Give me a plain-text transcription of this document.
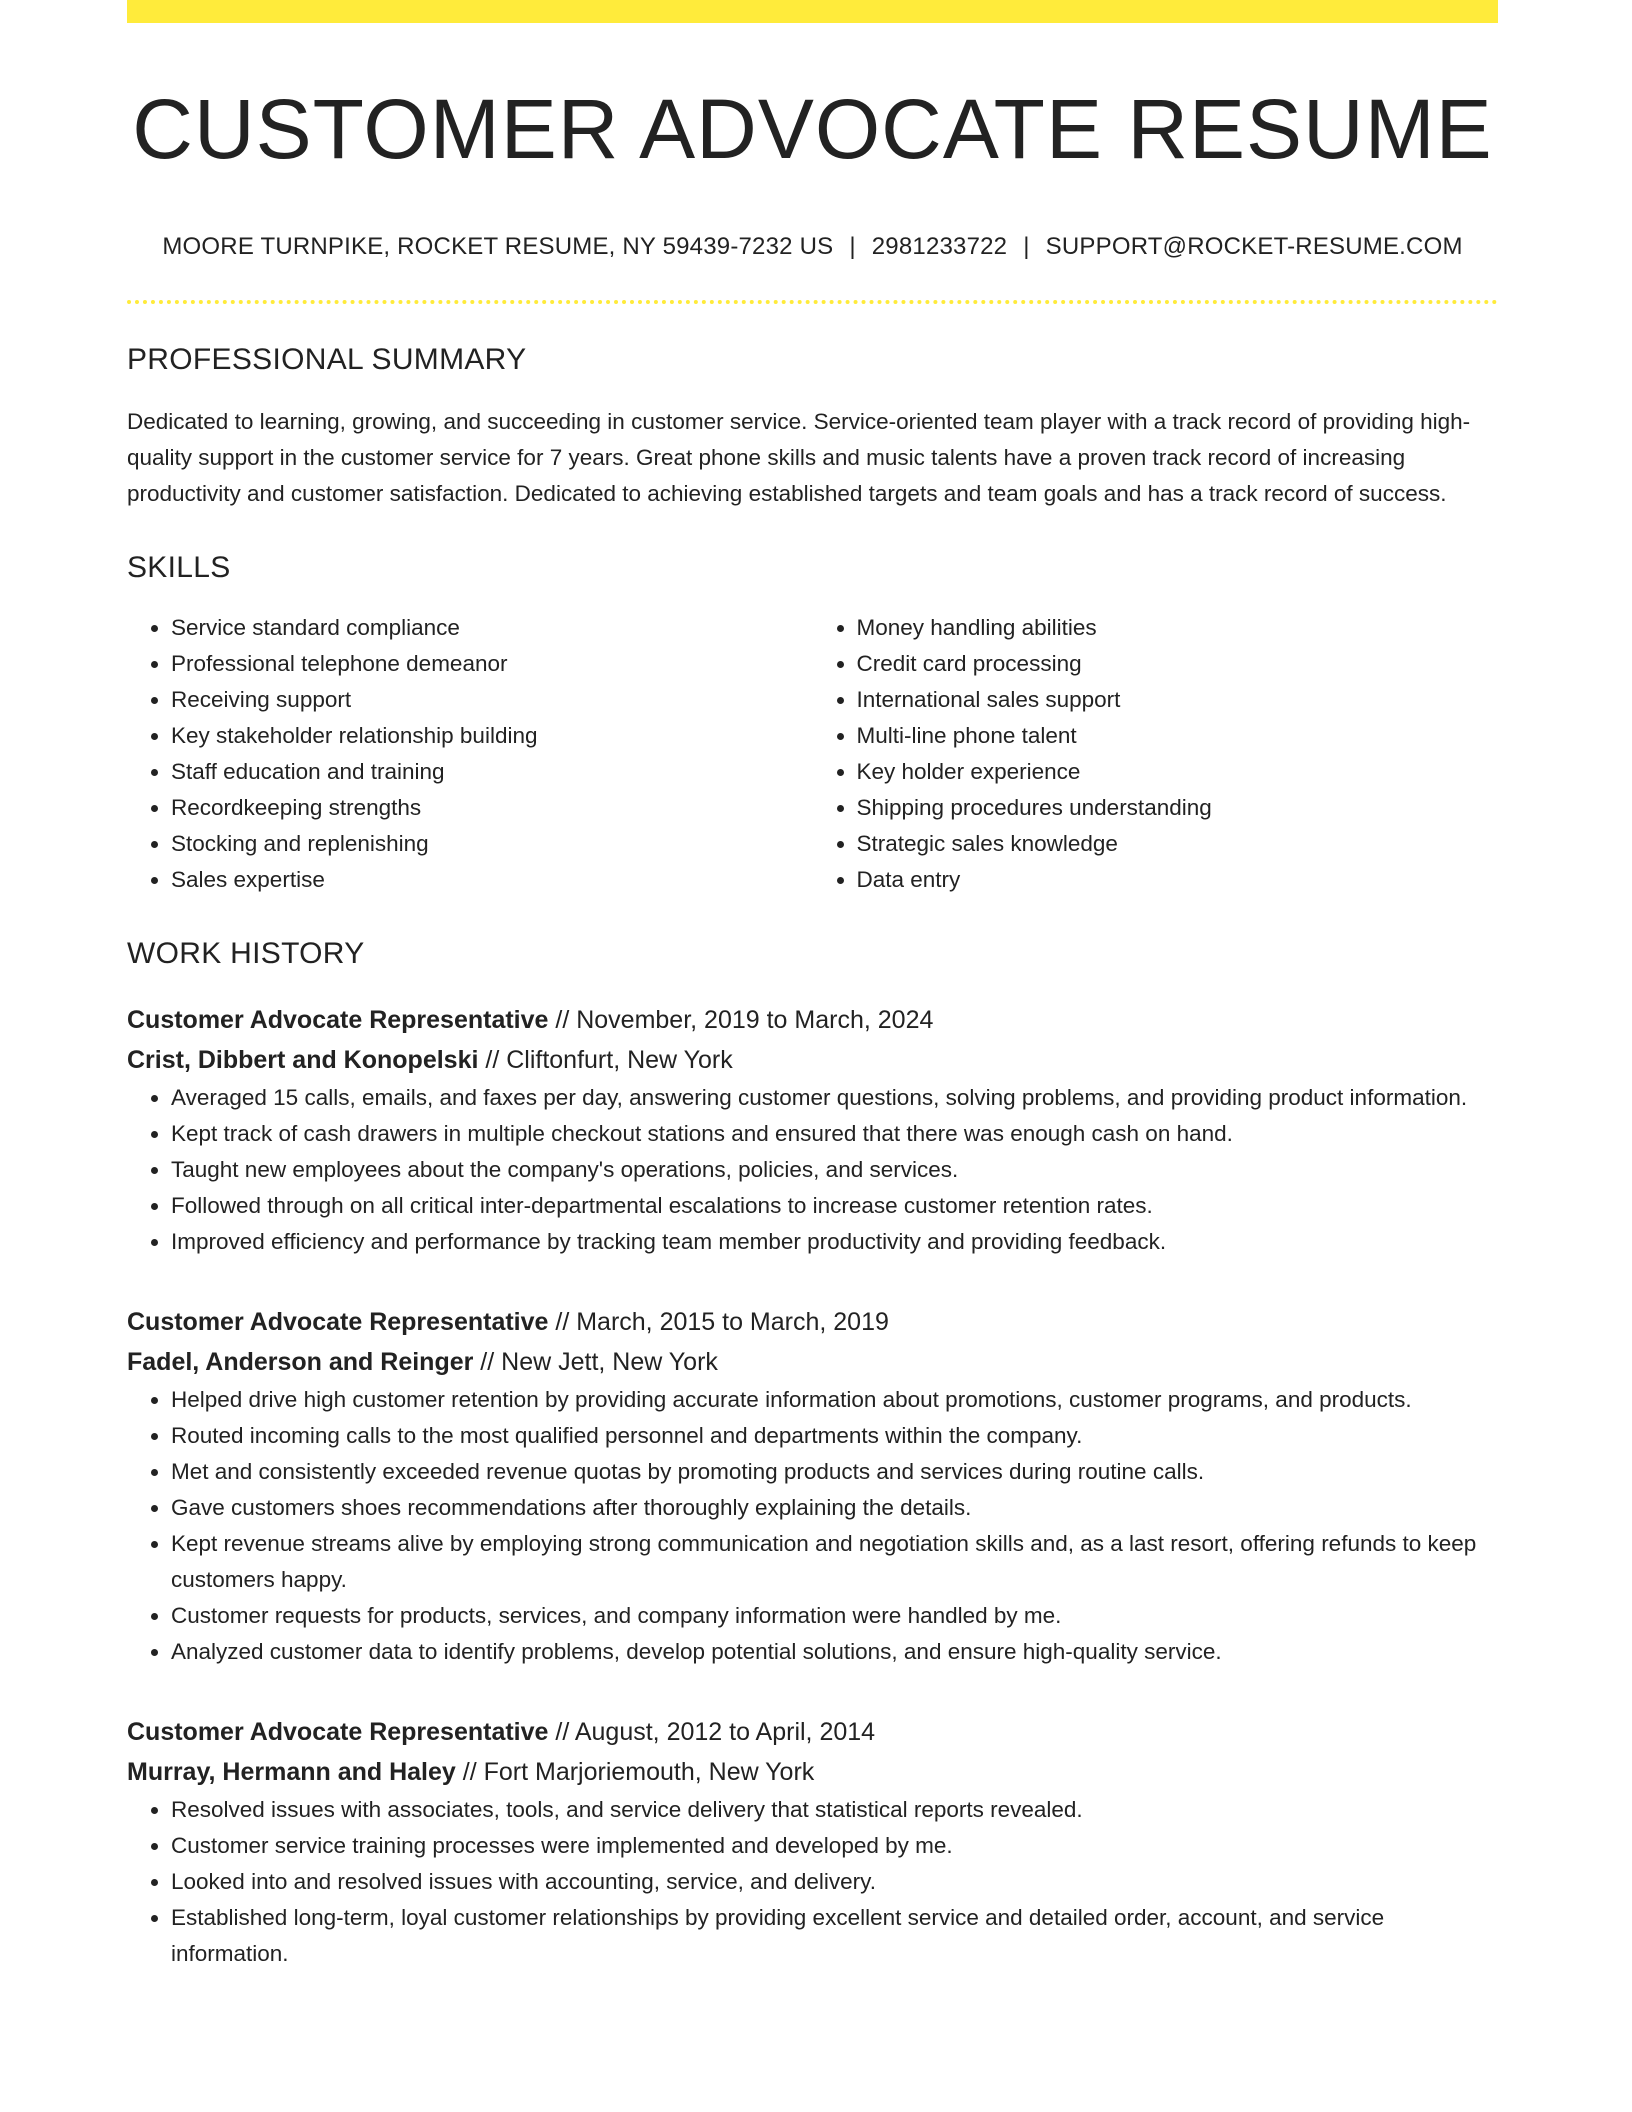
CUSTOMER ADVOCATE RESUME
MOORE TURNPIKE, ROCKET RESUME, NY 59439-7232 US | 2981233722 | SUPPORT@ROCKET-RESUME.COM
PROFESSIONAL SUMMARY

Dedicated to learning, growing, and succeeding in customer service. Service-oriented team player with a track record of providing high-quality support in the customer service for 7 years. Great phone skills and music talents have a proven track record of increasing productivity and customer satisfaction. Dedicated to achieving established targets and team goals and has a track record of success.

SKILLS
• Service standard compliance
• Professional telephone demeanor
• Receiving support
• Key stakeholder relationship building
• Staff education and training
• Recordkeeping strengths
• Stocking and replenishing
• Sales expertise
• Money handling abilities
• Credit card processing
• International sales support
• Multi-line phone talent
• Key holder experience
• Shipping procedures understanding
• Strategic sales knowledge
• Data entry
WORK HISTORY
Customer Advocate Representative // November, 2019 to March, 2024
Crist, Dibbert and Konopelski // Cliftonfurt, New York
• Averaged 15 calls, emails, and faxes per day, answering customer questions, solving problems, and providing product information.
• Kept track of cash drawers in multiple checkout stations and ensured that there was enough cash on hand.
• Taught new employees about the company's operations, policies, and services.
• Followed through on all critical inter-departmental escalations to increase customer retention rates.
• Improved efficiency and performance by tracking team member productivity and providing feedback.
Customer Advocate Representative // March, 2015 to March, 2019
Fadel, Anderson and Reinger // New Jett, New York
• Helped drive high customer retention by providing accurate information about promotions, customer programs, and products.
• Routed incoming calls to the most qualified personnel and departments within the company.
• Met and consistently exceeded revenue quotas by promoting products and services during routine calls.
• Gave customers shoes recommendations after thoroughly explaining the details.
• Kept revenue streams alive by employing strong communication and negotiation skills and, as a last resort, offering refunds to keep customers happy.
• Customer requests for products, services, and company information were handled by me.
• Analyzed customer data to identify problems, develop potential solutions, and ensure high-quality service.
Customer Advocate Representative // August, 2012 to April, 2014
Murray, Hermann and Haley // Fort Marjoriemouth, New York
• Resolved issues with associates, tools, and service delivery that statistical reports revealed.
• Customer service training processes were implemented and developed by me.
• Looked into and resolved issues with accounting, service, and delivery.
• Established long-term, loyal customer relationships by providing excellent service and detailed order, account, and service information.
